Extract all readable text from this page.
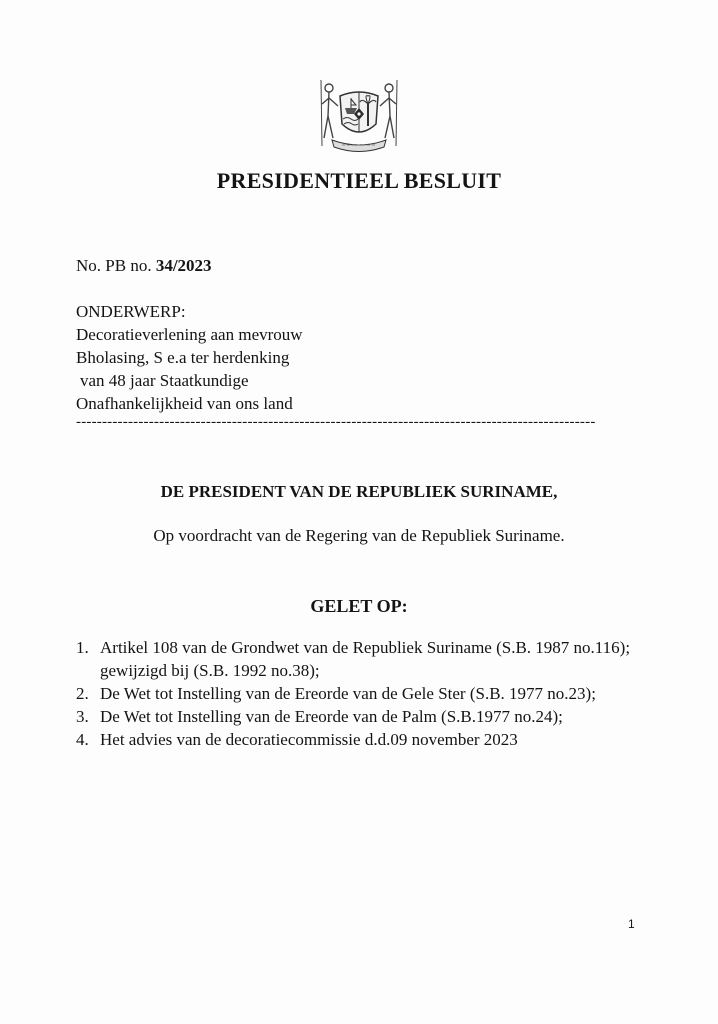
PRESIDENTIEEL BESLUIT
No. PB no. 34/2023
ONDERWERP:
Decoratieverlening aan mevrouw
Bholasing, S e.a ter herdenking
van 48 jaar Staatkundige
Onafhankelijkheid van ons land
----------------------------------------------------------------------------------------------------
DE PRESIDENT VAN DE REPUBLIEK SURINAME,
Op voordracht van de Regering van de Republiek Suriname.
GELET OP:
1. Artikel 108 van de Grondwet van de Republiek Suriname (S.B. 1987 no.116); gewijzigd bij (S.B. 1992 no.38);
2. De Wet tot Instelling van de Ereorde van de Gele Ster (S.B. 1977 no.23);
3. De Wet tot Instelling van de Ereorde van de Palm (S.B.1977 no.24);
4. Het advies van de decoratiecommissie d.d.09 november 2023
1
